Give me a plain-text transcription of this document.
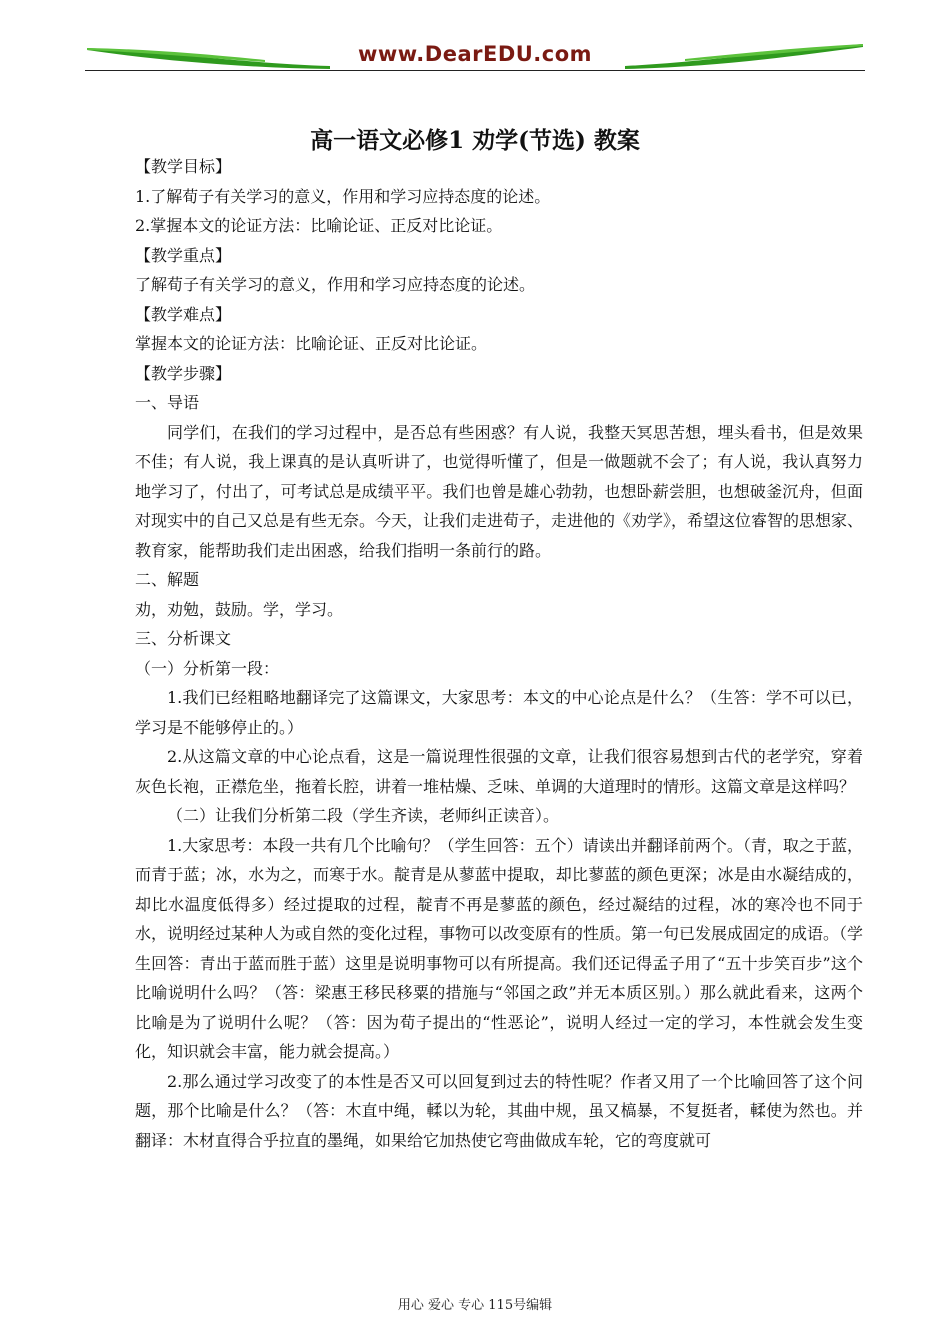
www.DearEDU.com
高一语文必修1 劝学(节选) 教案

【教学目标】

1.了解荀子有关学习的意义，作用和学习应持态度的论述。

2.掌握本文的论证方法：比喻论证、正反对比论证。

【教学重点】

了解荀子有关学习的意义，作用和学习应持态度的论述。

【教学难点】

掌握本文的论证方法：比喻论证、正反对比论证。

【教学步骤】

一、导语

同学们，在我们的学习过程中，是否总有些困惑？有人说，我整天冥思苦想，埋头看书，但是效果不佳；有人说，我上课真的是认真听讲了，也觉得听懂了，但是一做题就不会了；有人说，我认真努力地学习了，付出了，可考试总是成绩平平。我们也曾是雄心勃勃，也想卧薪尝胆，也想破釜沉舟，但面对现实中的自己又总是有些无奈。今天，让我们走进荀子，走进他的《劝学》，希望这位睿智的思想家、教育家，能帮助我们走出困惑，给我们指明一条前行的路。

二、解题

劝，劝勉，鼓励。学，学习。

三、分析课文

（一）分析第一段：

1.我们已经粗略地翻译完了这篇课文，大家思考：本文的中心论点是什么？（生答：学不可以已，学习是不能够停止的。）

2.从这篇文章的中心论点看，这是一篇说理性很强的文章，让我们很容易想到古代的老学究，穿着灰色长袍，正襟危坐，拖着长腔，讲着一堆枯燥、乏味、单调的大道理时的情形。这篇文章是这样吗？

（二）让我们分析第二段（学生齐读，老师纠正读音）。

1.大家思考：本段一共有几个比喻句？（学生回答：五个）请读出并翻译前两个。（青，取之于蓝，而青于蓝；冰，水为之，而寒于水。靛青是从蓼蓝中提取，却比蓼蓝的颜色更深；冰是由水凝结成的，却比水温度低得多）经过提取的过程，靛青不再是蓼蓝的颜色，经过凝结的过程，冰的寒冷也不同于水，说明经过某种人为或自然的变化过程，事物可以改变原有的性质。第一句已发展成固定的成语。（学生回答：青出于蓝而胜于蓝）这里是说明事物可以有所提高。我们还记得孟子用了“五十步笑百步”这个比喻说明什么吗？（答：梁惠王移民移粟的措施与“邻国之政”并无本质区别。）那么就此看来，这两个比喻是为了说明什么呢？（答：因为荀子提出的“性恶论”，说明人经过一定的学习，本性就会发生变化，知识就会丰富，能力就会提高。）

2.那么通过学习改变了的本性是否又可以回复到过去的特性呢？作者又用了一个比喻回答了这个问题，那个比喻是什么？（答：木直中绳，輮以为轮，其曲中规，虽又槁暴，不复挺者，輮使为然也。并翻译：木材直得合乎拉直的墨绳，如果给它加热使它弯曲做成车轮，它的弯度就可

用心 爱心 专心 115号编辑
